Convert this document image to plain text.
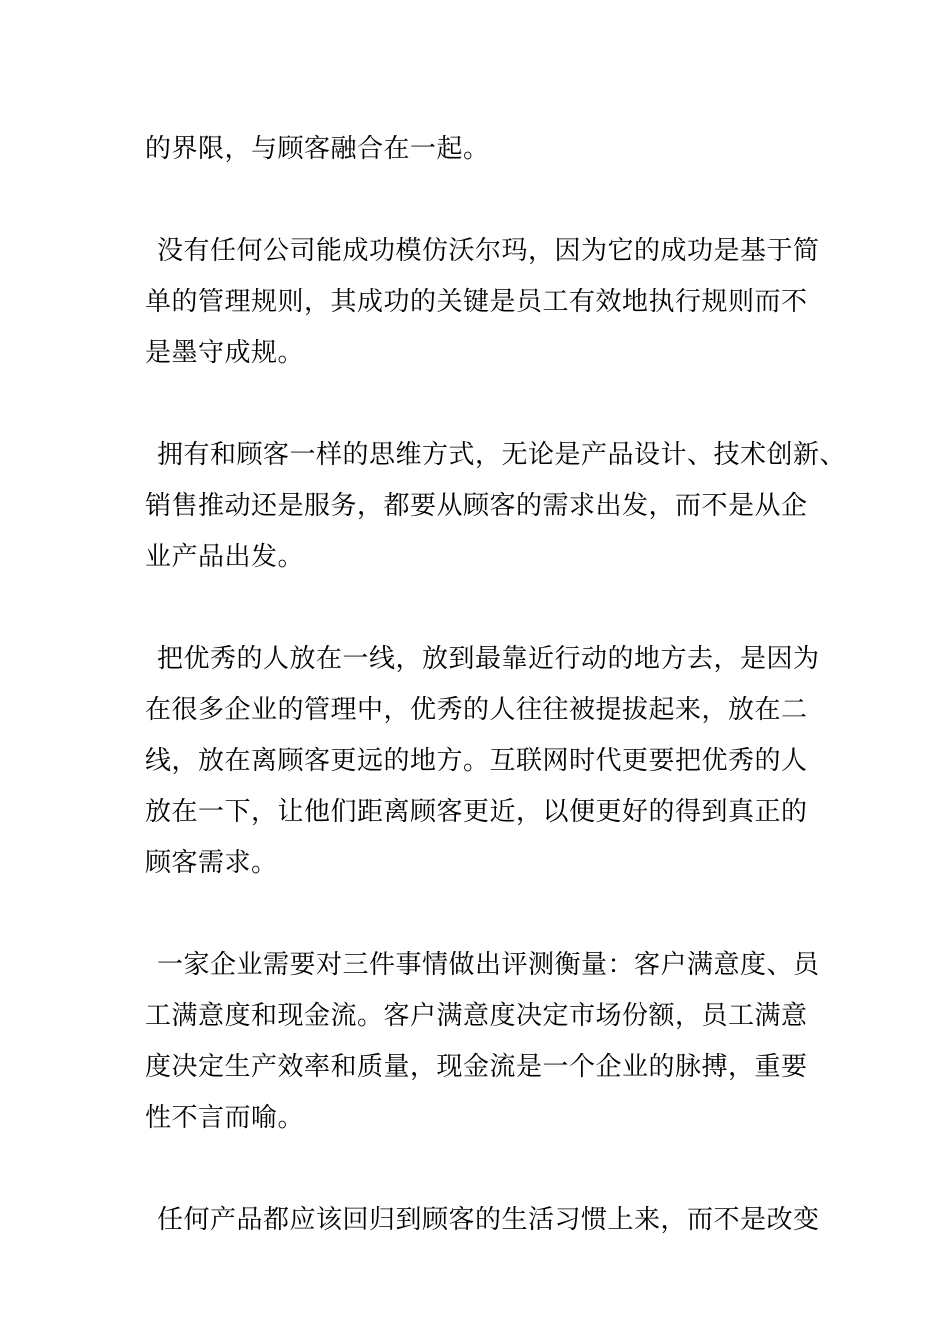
的界限，与顾客融合在一起。

没有任何公司能成功模仿沃尔玛，因为它的成功是基于简
单的管理规则，其成功的关键是员工有效地执行规则而不
是墨守成规。

拥有和顾客一样的思维方式，无论是产品设计、技术创新、
销售推动还是服务，都要从顾客的需求出发，而不是从企
业产品出发。

把优秀的人放在一线，放到最靠近行动的地方去，是因为
在很多企业的管理中，优秀的人往往被提拔起来，放在二
线，放在离顾客更远的地方。互联网时代更要把优秀的人
放在一下，让他们距离顾客更近，以便更好的得到真正的
顾客需求。

一家企业需要对三件事情做出评测衡量：客户满意度、员
工满意度和现金流。客户满意度决定市场份额，员工满意
度决定生产效率和质量，现金流是一个企业的脉搏，重要
性不言而喻。

任何产品都应该回归到顾客的生活习惯上来，而不是改变
